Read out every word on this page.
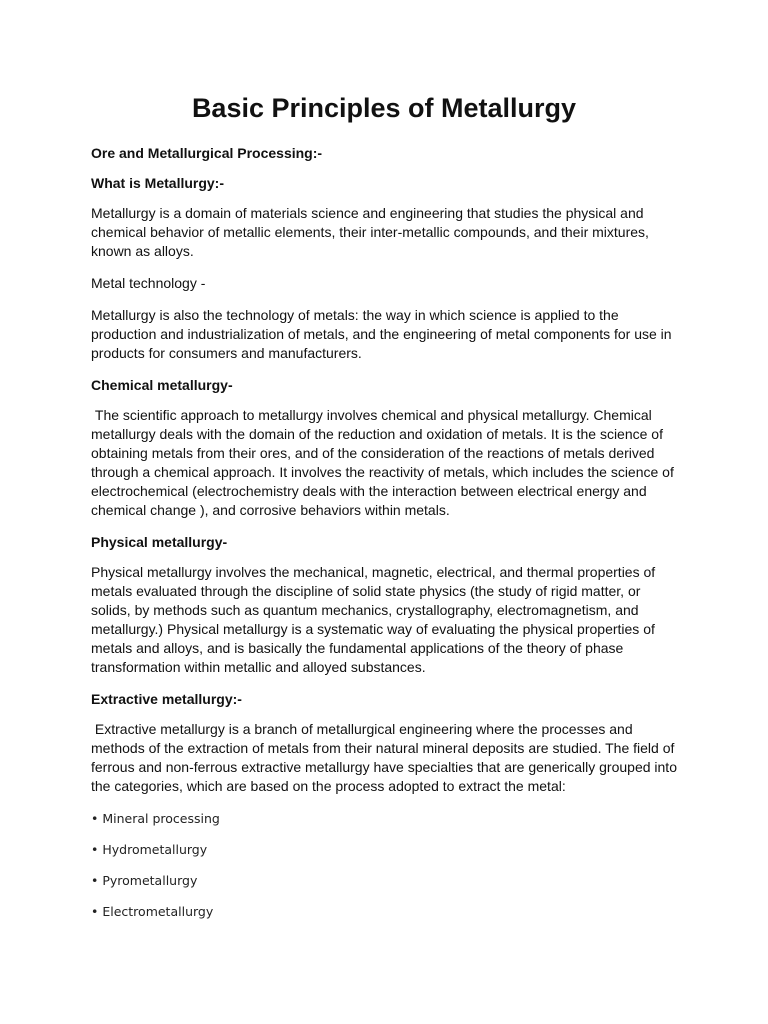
Basic Principles of Metallurgy

Ore and Metallurgical Processing:-

What is Metallurgy:-

Metallurgy is a domain of materials science and engineering that studies the physical and chemical behavior of metallic elements, their inter-metallic compounds, and their mixtures, known as alloys.

Metal technology -

Metallurgy is also the technology of metals: the way in which science is applied to the production and industrialization of metals, and the engineering of metal components for use in products for consumers and manufacturers.

Chemical metallurgy-

The scientific approach to metallurgy involves chemical and physical metallurgy. Chemical metallurgy deals with the domain of the reduction and oxidation of metals. It is the science of obtaining metals from their ores, and of the consideration of the reactions of metals derived through a chemical approach. It involves the reactivity of metals, which includes the science of electrochemical (electrochemistry deals with the interaction between electrical energy and chemical change ), and corrosive behaviors within metals.

Physical metallurgy-

Physical metallurgy involves the mechanical, magnetic, electrical, and thermal properties of metals evaluated through the discipline of solid state physics (the study of rigid matter, or solids, by methods such as quantum mechanics, crystallography, electromagnetism, and metallurgy.) Physical metallurgy is a systematic way of evaluating the physical properties of metals and alloys, and is basically the fundamental applications of the theory of phase transformation within metallic and alloyed substances.

Extractive metallurgy:-

Extractive metallurgy is a branch of metallurgical engineering where the processes and methods of the extraction of metals from their natural mineral deposits are studied. The field of ferrous and non-ferrous extractive metallurgy have specialties that are generically grouped into the categories, which are based on the process adopted to extract the metal:

• Mineral processing

• Hydrometallurgy

• Pyrometallurgy

• Electrometallurgy
